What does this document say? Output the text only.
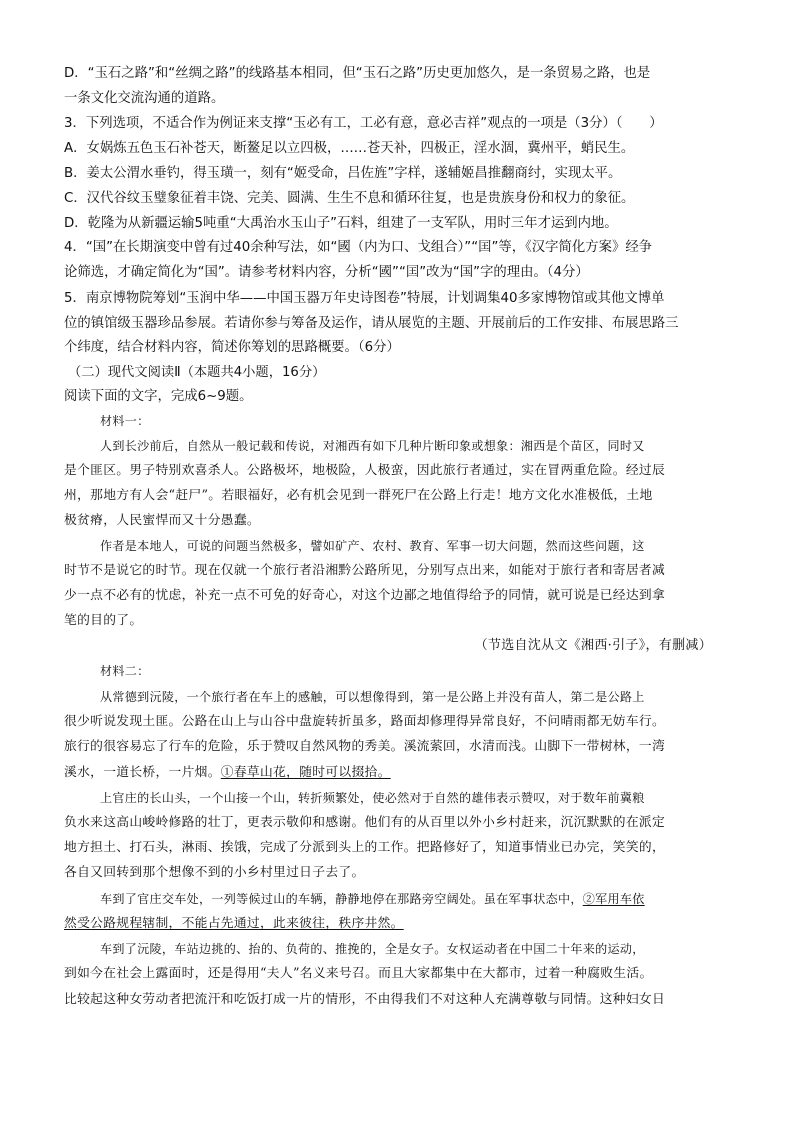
D．“玉石之路”和“丝绸之路”的线路基本相同，但“玉石之路”历史更加悠久，是一条贸易之路，也是
一条文化交流沟通的道路。
3．下列选项，不适合作为例证来支撑“玉必有工，工必有意，意必吉祥”观点的一项是（3分）（　　）
A．女娲炼五色玉石补苍天，断鳌足以立四极，……苍天补，四极正，淫水涸，冀州平，蛸民生。
B．姜太公渭水垂钓，得玉璜一，刻有“姬受命，吕佐旌”字样，遂辅姬昌推翻商纣，实现太平。
C．汉代谷纹玉璧象征着丰饶、完美、圆满、生生不息和循环往复，也是贵族身份和权力的象征。
D．乾隆为从新疆运输5吨重“大禹治水玉山子”石料，组建了一支军队，用时三年才运到内地。
4．“国”在长期演变中曾有过40余种写法，如“國（内为口、戈组合）”“囯”等，《汉字简化方案》经争
论筛选，才确定简化为“国”。请参考材料内容，分析“國”“囯”改为“国”字的理由。（4分）
5．南京博物院筹划“玉润中华——中国玉器万年史诗图卷”特展，计划调集40多家博物馆或其他文博单
位的镇馆级玉器珍品参展。若请你参与筹备及运作，请从展览的主题、开展前后的工作安排、布展思路三
个纬度，结合材料内容，简述你筹划的思路概要。（6分）
（二）现代文阅读Ⅱ（本题共4小题，16分）
阅读下面的文字，完成6~9题。
材料一：
人到长沙前后，自然从一般记载和传说，对湘西有如下几种片断印象或想象：湘西是个苗区，同时又
是个匪区。男子特别欢喜杀人。公路极坏，地极险，人极蛮，因此旅行者通过，实在冒两重危险。经过辰
州，那地方有人会“赶尸”。若眼福好，必有机会见到一群死尸在公路上行走！地方文化水准极低，土地
极贫瘠，人民蜜悍而又十分愚蠢。
作者是本地人，可说的问题当然极多，譬如矿产、农村、教育、军事一切大问题，然而这些问题，这
时节不是说它的时节。现在仅就一个旅行者沿湘黔公路所见，分别写点出来，如能对于旅行者和寄居者减
少一点不必有的忧虑，补充一点不可免的好奇心，对这个边鄙之地值得给予的同情，就可说是已经达到拿
笔的目的了。
（节选自沈从文《湘西·引子》，有删减）
材料二：
从常德到沅陵，一个旅行者在车上的感触，可以想像得到，第一是公路上并没有苗人，第二是公路上
很少听说发现土匪。公路在山上与山谷中盘旋转折虽多，路面却修理得异常良好，不问晴雨都无妨车行。
旅行的很容易忘了行车的危险，乐于赞叹自然风物的秀美。溪流萦回，水清而浅。山脚下一带树林，一湾
溪水，一道长桥，一片烟。①春草山花，随时可以掇拾。
上官庄的长山头，一个山接一个山，转折频繁处，使必然对于自然的雄伟表示赞叹，对于数年前冀粮
负水来这高山峻岭修路的壮丁，更表示敬仰和感谢。他们有的从百里以外小乡村赶来，沉沉默默的在派定
地方担土、打石头，淋雨、挨饿，完成了分派到头上的工作。把路修好了，知道事情业已办完，笑笑的，
各自又回转到那个想像不到的小乡村里过日子去了。
车到了官庄交车处，一列等候过山的车辆，静静地停在那路旁空阔处。虽在军事状态中，②军用车依
然受公路规程辖制，不能占先通过，此来彼往，秩序井然。
车到了沅陵，车站边挑的、抬的、负荷的、推挽的，全是女子。女权运动者在中国二十年来的运动，
到如今在社会上露面时，还是得用“夫人”名义来号召。而且大家都集中在大都市，过着一种腐败生活。
比较起这种女劳动者把流汗和吃饭打成一片的情形，不由得我们不对这种人充满尊敬与同情。这种妇女日
